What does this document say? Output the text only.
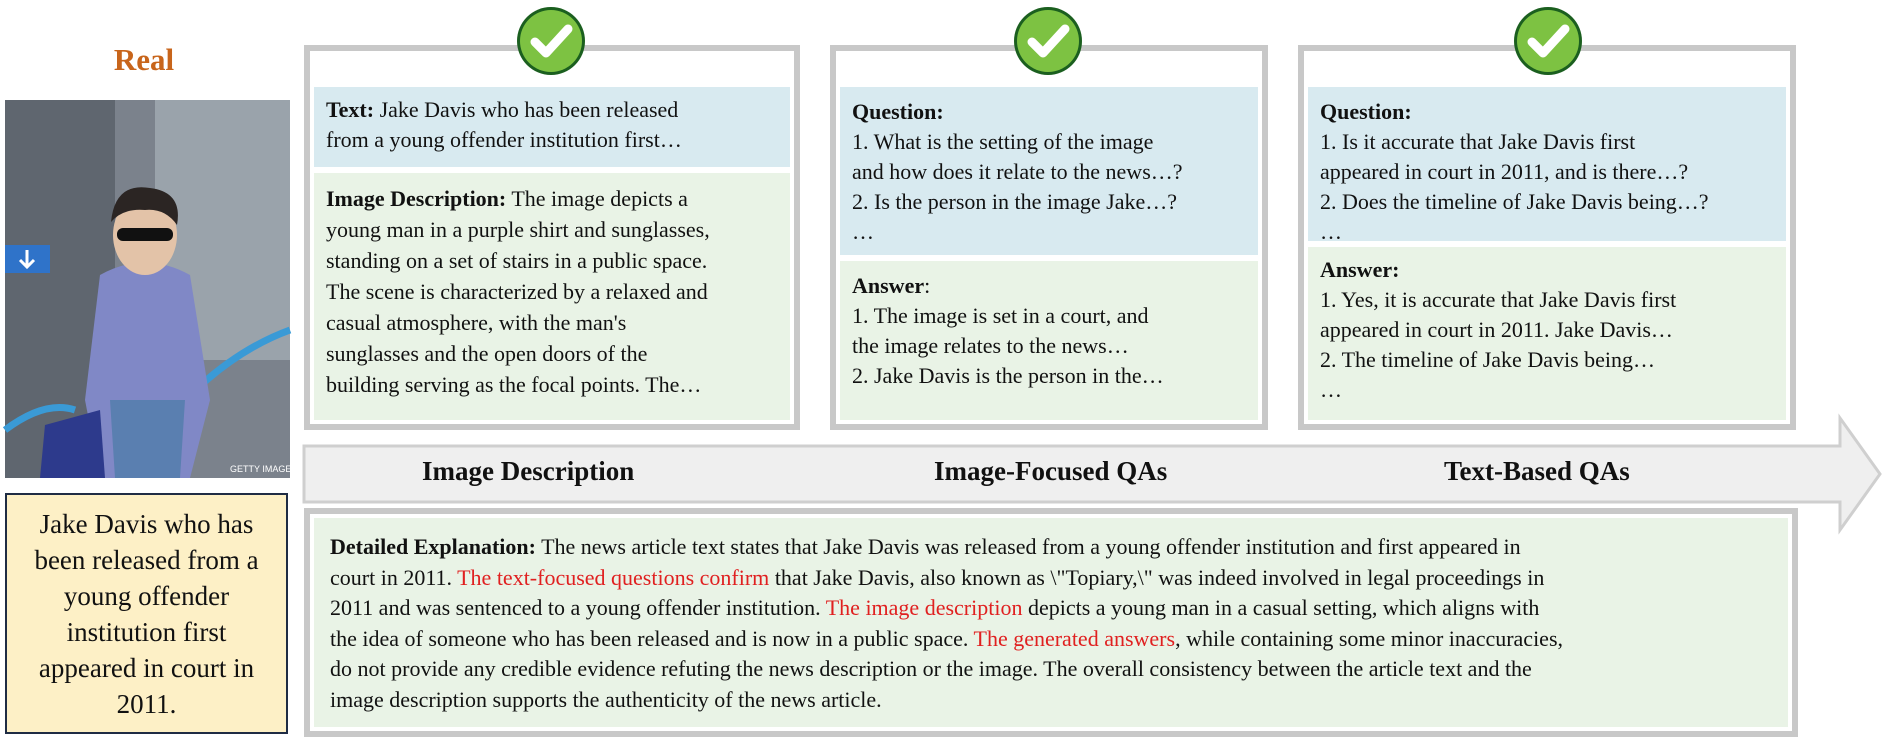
Real
GETTY IMAGES
Jake Davis who has been released from a young offender institution first appeared in court in 2011.
Text: Jake Davis who has been released
from a young offender institution first…
Image Description: The image depicts a
young man in a purple shirt and sunglasses,
standing on a set of stairs in a public space.
The scene is characterized by a relaxed and
casual atmosphere, with the man's
sunglasses and the open doors of the
building serving as the focal points. The…
Question:
1. What is the setting of the image
and how does it relate to the news…?
2. Is the person in the image Jake…?
…
Answer:
1. The image is set in a court, and
the image relates to the news…
2. Jake Davis is the person in the…
Question:
1. Is it accurate that Jake Davis first
appeared in court in 2011, and is there…?
2. Does the timeline of Jake Davis being…?
…
Answer:
1. Yes, it is accurate that Jake Davis first
appeared in court in 2011. Jake Davis…
2. The timeline of Jake Davis being…
…
Image Description	Image-Focused QAs	Text-Based QAs
Detailed Explanation: The news article text states that Jake Davis was released from a young offender institution and first appeared in
court in 2011. The text-focused questions confirm that Jake Davis, also known as \"Topiary,\" was indeed involved in legal proceedings in
2011 and was sentenced to a young offender institution. The image description depicts a young man in a casual setting, which aligns with
the idea of someone who has been released and is now in a public space. The generated answers, while containing some minor inaccuracies,
do not provide any credible evidence refuting the news description or the image. The overall consistency between the article text and the
image description supports the authenticity of the news article.
